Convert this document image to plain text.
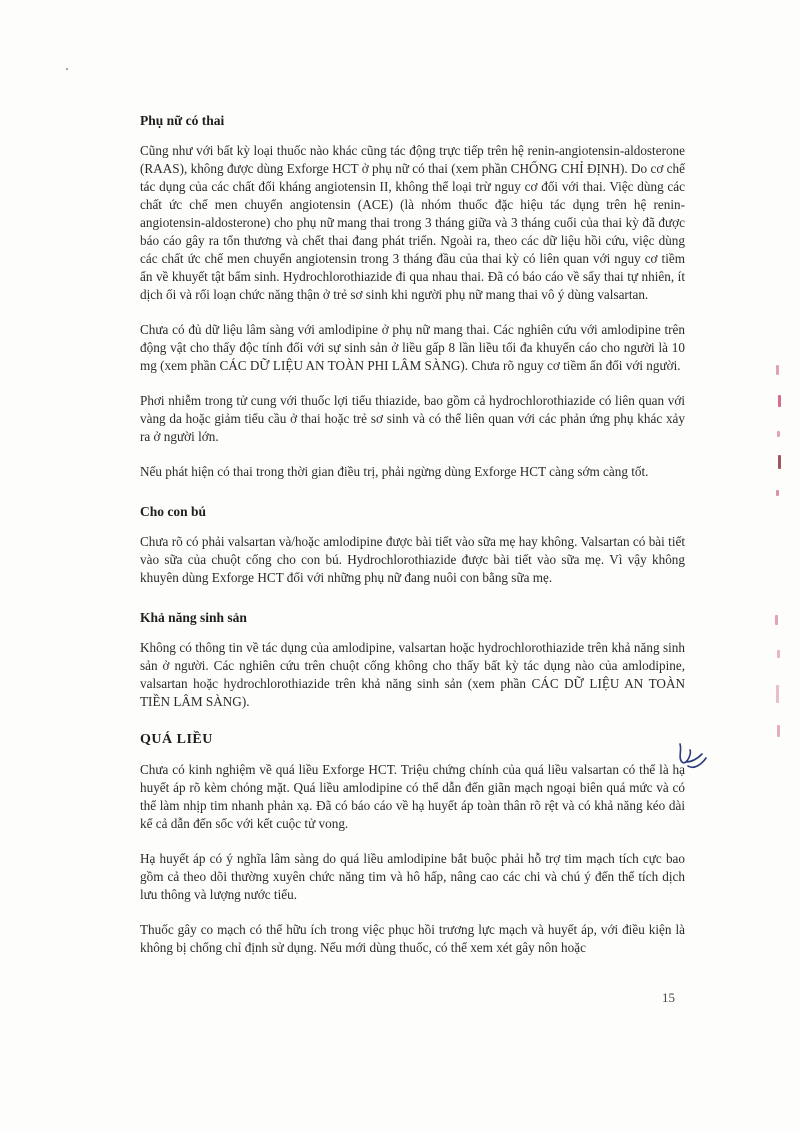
Phụ nữ có thai

Cũng như với bất kỳ loại thuốc nào khác cũng tác động trực tiếp trên hệ renin-angiotensin-aldosterone (RAAS), không được dùng Exforge HCT ở phụ nữ có thai (xem phần CHỐNG CHỈ ĐỊNH). Do cơ chế tác dụng của các chất đối kháng angiotensin II, không thể loại trừ nguy cơ đối với thai. Việc dùng các chất ức chế men chuyển angiotensin (ACE) (là nhóm thuốc đặc hiệu tác dụng trên hệ renin-angiotensin-aldosterone) cho phụ nữ mang thai trong 3 tháng giữa và 3 tháng cuối của thai kỳ đã được báo cáo gây ra tổn thương và chết thai đang phát triển. Ngoài ra, theo các dữ liệu hồi cứu, việc dùng các chất ức chế men chuyển angiotensin trong 3 tháng đầu của thai kỳ có liên quan với nguy cơ tiềm ẩn về khuyết tật bẩm sinh. Hydrochlorothiazide đi qua nhau thai. Đã có báo cáo về sẩy thai tự nhiên, ít dịch ối và rối loạn chức năng thận ở trẻ sơ sinh khi người phụ nữ mang thai vô ý dùng valsartan.

Chưa có đủ dữ liệu lâm sàng với amlodipine ở phụ nữ mang thai. Các nghiên cứu với amlodipine trên động vật cho thấy độc tính đối với sự sinh sản ở liều gấp 8 lần liều tối đa khuyến cáo cho người là 10 mg (xem phần CÁC DỮ LIỆU AN TOÀN PHI LÂM SÀNG). Chưa rõ nguy cơ tiềm ẩn đối với người.

Phơi nhiễm trong tử cung với thuốc lợi tiểu thiazide, bao gồm cả hydrochlorothiazide có liên quan với vàng da hoặc giảm tiểu cầu ở thai hoặc trẻ sơ sinh và có thể liên quan với các phản ứng phụ khác xảy ra ở người lớn.

Nếu phát hiện có thai trong thời gian điều trị, phải ngừng dùng Exforge HCT càng sớm càng tốt.

Cho con bú

Chưa rõ có phải valsartan và/hoặc amlodipine được bài tiết vào sữa mẹ hay không. Valsartan có bài tiết vào sữa của chuột cống cho con bú. Hydrochlorothiazide được bài tiết vào sữa mẹ. Vì vậy không khuyên dùng Exforge HCT đối với những phụ nữ đang nuôi con bằng sữa mẹ.

Khả năng sinh sản

Không có thông tin về tác dụng của amlodipine, valsartan hoặc hydrochlorothiazide trên khả năng sinh sản ở người. Các nghiên cứu trên chuột cống không cho thấy bất kỳ tác dụng nào của amlodipine, valsartan hoặc hydrochlorothiazide trên khả năng sinh sản (xem phần CÁC DỮ LIỆU AN TOÀN TIỀN LÂM SÀNG).

QUÁ LIỀU

Chưa có kinh nghiệm về quá liều Exforge HCT. Triệu chứng chính của quá liều valsartan có thể là hạ huyết áp rõ kèm chóng mặt. Quá liều amlodipine có thể dẫn đến giãn mạch ngoại biên quá mức và có thể làm nhịp tim nhanh phản xạ. Đã có báo cáo về hạ huyết áp toàn thân rõ rệt và có khả năng kéo dài kể cả dẫn đến sốc với kết cuộc tử vong.

Hạ huyết áp có ý nghĩa lâm sàng do quá liều amlodipine bắt buộc phải hỗ trợ tim mạch tích cực bao gồm cả theo dõi thường xuyên chức năng tim và hô hấp, nâng cao các chi và chú ý đến thể tích dịch lưu thông và lượng nước tiểu.

Thuốc gây co mạch có thể hữu ích trong việc phục hồi trương lực mạch và huyết áp, với điều kiện là không bị chống chỉ định sử dụng. Nếu mới dùng thuốc, có thể xem xét gây nôn hoặc

15
